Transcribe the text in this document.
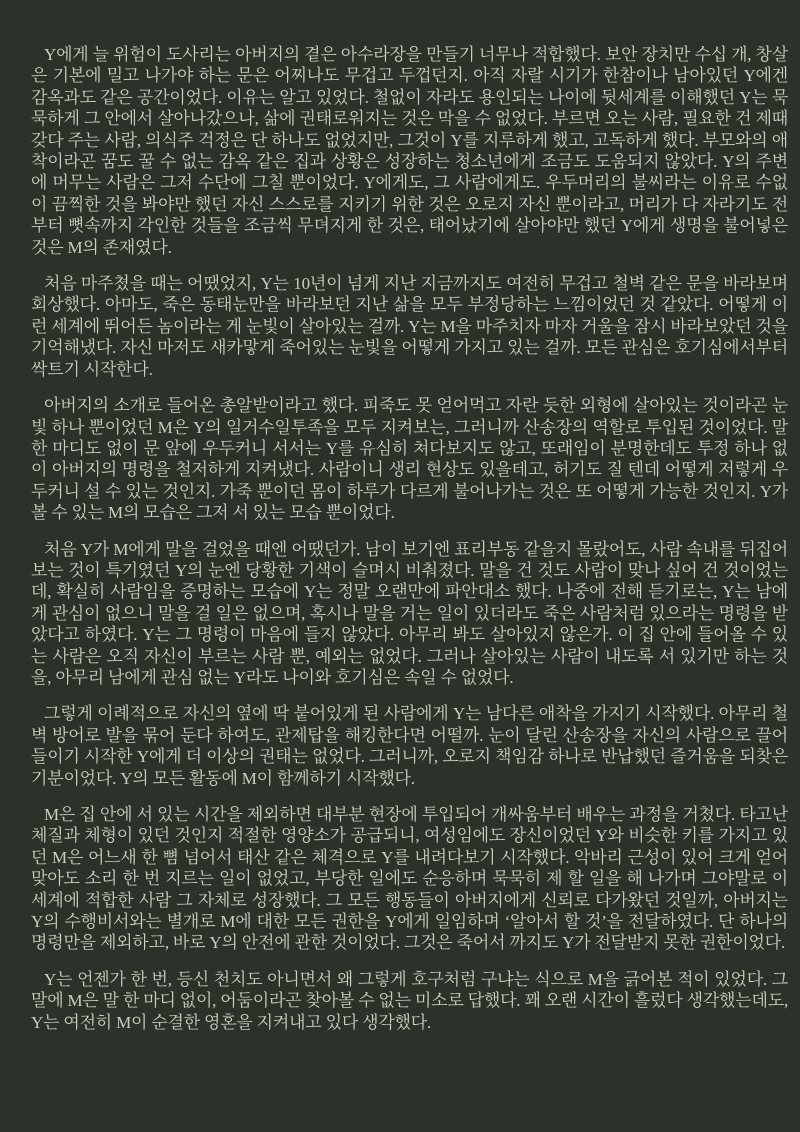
Y에게 늘 위험이 도사리는 아버지의 곁은 아수라장을 만들기 너무나 적합했다. 보안 장치만 수십 개, 창살은 기본에 밀고 나가야 하는 문은 어찌나도 무겁고 두껍던지. 아직 자랄 시기가 한참이나 남아있던 Y에겐 감옥과도 같은 공간이었다. 이유는 알고 있었다. 철없이 자라도 용인되는 나이에 뒷세계를 이해했던 Y는 묵묵하게 그 안에서 살아나갔으나, 삶에 권태로워지는 것은 막을 수 없었다. 부르면 오는 사람, 필요한 건 제때 갖다 주는 사람, 의식주 걱정은 단 하나도 없었지만, 그것이 Y를 지루하게 했고, 고독하게 했다. 부모와의 애착이라곤 꿈도 꿀 수 없는 감옥 같은 집과 상황은 성장하는 청소년에게 조금도 도움되지 않았다. Y의 주변에 머무는 사람은 그저 수단에 그칠 뿐이었다. Y에게도, 그 사람에게도. 우두머리의 불씨라는 이유로 수없이 끔찍한 것을 봐야만 했던 자신 스스로를 지키기 위한 것은 오로지 자신 뿐이라고, 머리가 다 자라기도 전부터 뼛속까지 각인한 것들을 조금씩 무뎌지게 한 것은, 태어났기에 살아야만 했던 Y에게 생명을 불어넣은 것은 M의 존재였다.

처음 마주쳤을 때는 어땠었지, Y는 10년이 넘게 지난 지금까지도 여전히 무겁고 철벽 같은 문을 바라보며 회상했다. 아마도, 죽은 동태눈만을 바라보던 지난 삶을 모두 부정당하는 느낌이었던 것 같았다. 어떻게 이런 세계에 뛰어든 놈이라는 게 눈빛이 살아있는 걸까. Y는 M을 마주치자 마자 거울을 잠시 바라보았던 것을 기억해냈다. 자신 마저도 새카맣게 죽어있는 눈빛을 어떻게 가지고 있는 걸까. 모든 관심은 호기심에서부터 싹트기 시작한다.

아버지의 소개로 들어온 총알받이라고 했다. 피죽도 못 얻어먹고 자란 듯한 외형에 살아있는 것이라곤 눈빛 하나 뿐이었던 M은 Y의 일거수일투족을 모두 지켜보는, 그러니까 산송장의 역할로 투입된 것이었다. 말 한 마디도 없이 문 앞에 우두커니 서서는 Y를 유심히 쳐다보지도 않고, 또래임이 분명한데도 투정 하나 없이 아버지의 명령을 철저하게 지켜냈다. 사람이니 생리 현상도 있을테고, 허기도 질 텐데 어떻게 저렇게 우두커니 설 수 있는 것인지. 가죽 뿐이던 몸이 하루가 다르게 불어나가는 것은 또 어떻게 가능한 것인지. Y가 볼 수 있는 M의 모습은 그저 서 있는 모습 뿐이었다.

처음 Y가 M에게 말을 걸었을 때엔 어땠던가. 남이 보기엔 표리부동 같을지 몰랐어도, 사람 속내를 뒤집어 보는 것이 특기였던 Y의 눈엔 당황한 기색이 슬며시 비춰졌다. 말을 건 것도 사람이 맞나 싶어 건 것이었는데, 확실히 사람임을 증명하는 모습에 Y는 정말 오랜만에 파안대소 했다. 나중에 전해 듣기로는, Y는 남에게 관심이 없으니 말을 걸 일은 없으며, 혹시나 말을 거는 일이 있더라도 죽은 사람처럼 있으라는 명령을 받았다고 하였다. Y는 그 명령이 마음에 들지 않았다. 아무리 봐도 살아있지 않은가. 이 집 안에 들어올 수 있는 사람은 오직 자신이 부르는 사람 뿐, 예외는 없었다. 그러나 살아있는 사람이 내도록 서 있기만 하는 것을, 아무리 남에게 관심 없는 Y라도 나이와 호기심은 속일 수 없었다.

그렇게 이례적으로 자신의 옆에 딱 붙어있게 된 사람에게 Y는 남다른 애착을 가지기 시작했다. 아무리 철벽 방어로 발을 묶어 둔다 하여도, 관제탑을 해킹한다면 어떨까. 눈이 달린 산송장을 자신의 사람으로 끌어들이기 시작한 Y에게 더 이상의 권태는 없었다. 그러니까, 오로지 책임감 하나로 반납했던 즐거움을 되찾은 기분이었다. Y의 모든 활동에 M이 함께하기 시작했다.

M은 집 안에 서 있는 시간을 제외하면 대부분 현장에 투입되어 개싸움부터 배우는 과정을 거쳤다. 타고난 체질과 체형이 있던 것인지 적절한 영양소가 공급되니, 여성임에도 장신이었던 Y와 비슷한 키를 가지고 있던 M은 어느새 한 뼘 넘어서 태산 같은 체격으로 Y를 내려다보기 시작했다. 악바리 근성이 있어 크게 얻어맞아도 소리 한 번 지르는 일이 없었고, 부당한 일에도 순응하며 묵묵히 제 할 일을 해 나가며 그야말로 이 세계에 적합한 사람 그 자체로 성장했다. 그 모든 행동들이 아버지에게 신뢰로 다가왔던 것일까, 아버지는 Y의 수행비서와는 별개로 M에 대한 모든 권한을 Y에게 일임하며 ‘알아서 할 것’을 전달하였다. 단 하나의 명령만을 제외하고, 바로 Y의 안전에 관한 것이었다. 그것은 죽어서 까지도 Y가 전달받지 못한 권한이었다.

Y는 언젠가 한 번, 등신 천치도 아니면서 왜 그렇게 호구처럼 구냐는 식으로 M을 긁어본 적이 있었다. 그 말에 M은 말 한 마디 없이, 어둠이라곤 찾아볼 수 없는 미소로 답했다. 꽤 오랜 시간이 흘렀다 생각했는데도, Y는 여전히 M이 순결한 영혼을 지켜내고 있다 생각했다.
